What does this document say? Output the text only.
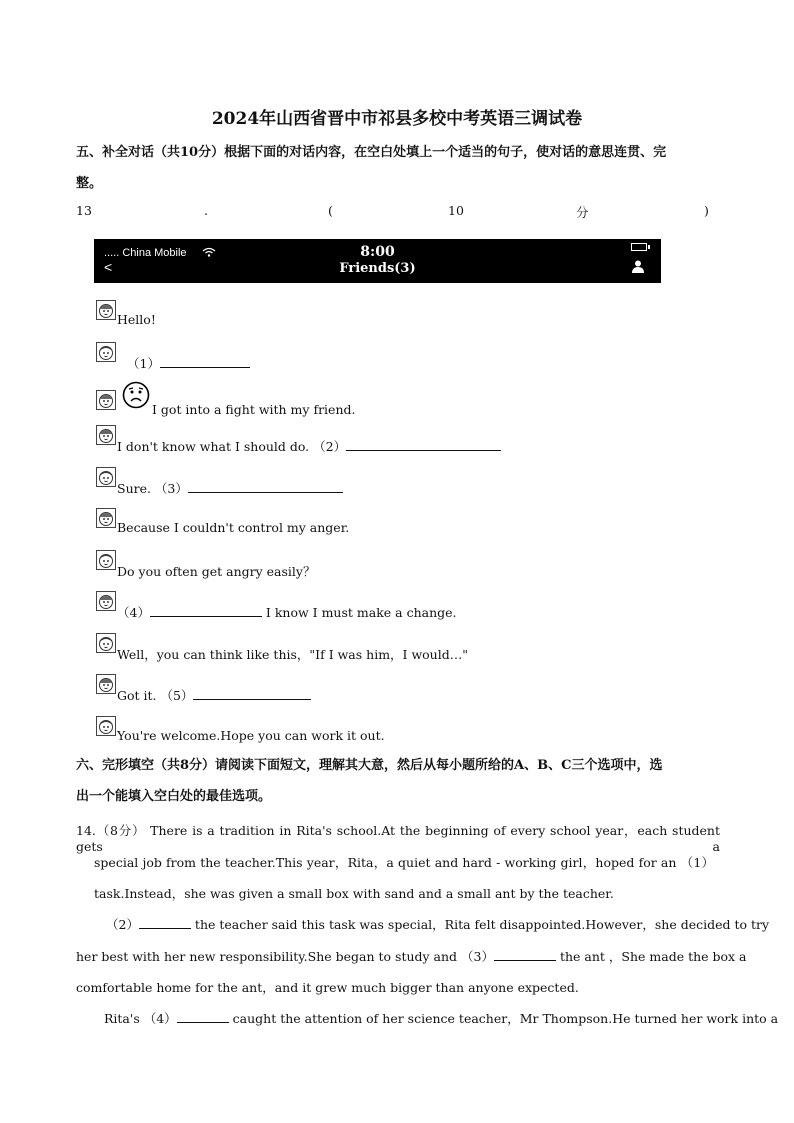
2024年山西省晋中市祁县多校中考英语三调试卷
五、补全对话（共10分）根据下面的对话内容，在空白处填上一个适当的句子，使对话的意思连贯、完
整。
13	.	(	10	分	)
..... China Mobile
<
8:00
Friends(3)
Hello!
（1）
I got into a fight with my friend.
I don't know what I should do. （2）
Sure. （3）
Because I couldn't control my anger.
Do you often get angry easily？
（4）	I know I must make a change.
Well，you can think like this，"If I was him，I would…"
Got it. （5）
You're welcome.Hope you can work it out.
六、完形填空（共8分）请阅读下面短文，理解其大意，然后从每小题所给的A、B、C三个选项中，选
出一个能填入空白处的最佳选项。
14.（8分） There is a tradition in Rita's school.At the beginning of every school year，each student gets a
special job from the teacher.This year，Rita，a quiet and hard - working girl，hoped for an （1）
task.Instead，she was given a small box with sand and a small ant by the teacher.
（2）	the teacher said this task was special，Rita felt disappointed.However，she decided to try
her best with her new responsibility.She began to study and （3）	the ant ，She made the box a
comfortable home for the ant，and it grew much bigger than anyone expected.
Rita's （4）	caught the attention of her science teacher，Mr Thompson.He turned her work into a
